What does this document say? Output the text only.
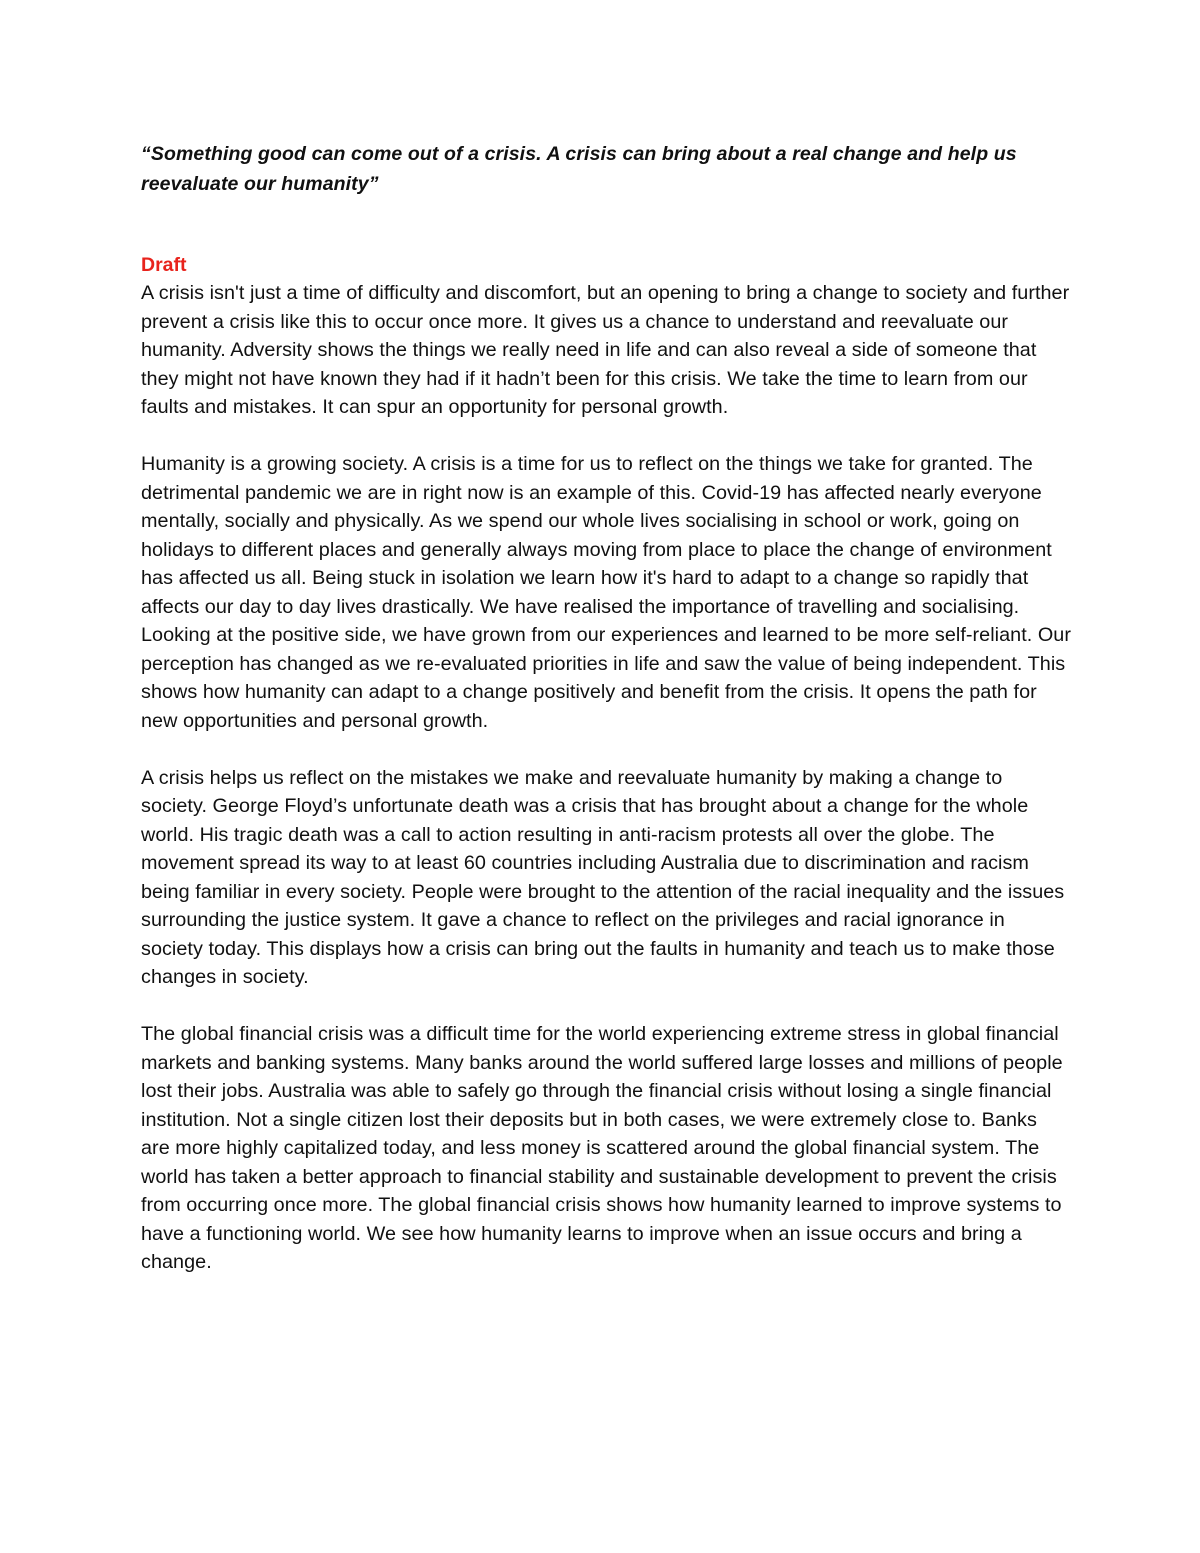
“Something good can come out of a crisis. A crisis can bring about a real change and help us reevaluate our humanity”

Draft

A crisis isn't just a time of difficulty and discomfort, but an opening to bring a change to society and further prevent a crisis like this to occur once more. It gives us a chance to understand and reevaluate our humanity. Adversity shows the things we really need in life and can also reveal a side of someone that they might not have known they had if it hadn’t been for this crisis. We take the time to learn from our faults and mistakes. It can spur an opportunity for personal growth.

Humanity is a growing society. A crisis is a time for us to reflect on the things we take for granted. The detrimental pandemic we are in right now is an example of this. Covid-19 has affected nearly everyone mentally, socially and physically. As we spend our whole lives socialising in school or work, going on holidays to different places and generally always moving from place to place the change of environment has affected us all. Being stuck in isolation we learn how it's hard to adapt to a change so rapidly that affects our day to day lives drastically. We have realised the importance of travelling and socialising. Looking at the positive side, we have grown from our experiences and learned to be more self-reliant. Our perception has changed as we re-evaluated priorities in life and saw the value of being independent. This shows how humanity can adapt to a change positively and benefit from the crisis. It opens the path for new opportunities and personal growth.

A crisis helps us reflect on the mistakes we make and reevaluate humanity by making a change to society. George Floyd’s unfortunate death was a crisis that has brought about a change for the whole world. His tragic death was a call to action resulting in anti-racism protests all over the globe. The movement spread its way to at least 60 countries including Australia due to discrimination and racism being familiar in every society. People were brought to the attention of the racial inequality and the issues surrounding the justice system. It gave a chance to reflect on the privileges and racial ignorance in society today. This displays how a crisis can bring out the faults in humanity and teach us to make those changes in society.

The global financial crisis was a difficult time for the world experiencing extreme stress in global financial markets and banking systems. Many banks around the world suffered large losses and millions of people lost their jobs. Australia was able to safely go through the financial crisis without losing a single financial institution. Not a single citizen lost their deposits but in both cases, we were extremely close to. Banks are more highly capitalized today, and less money is scattered around the global financial system. The world has taken a better approach to financial stability and sustainable development to prevent the crisis from occurring once more. The global financial crisis shows how humanity learned to improve systems to have a functioning world. We see how humanity learns to improve when an issue occurs and bring a change.
